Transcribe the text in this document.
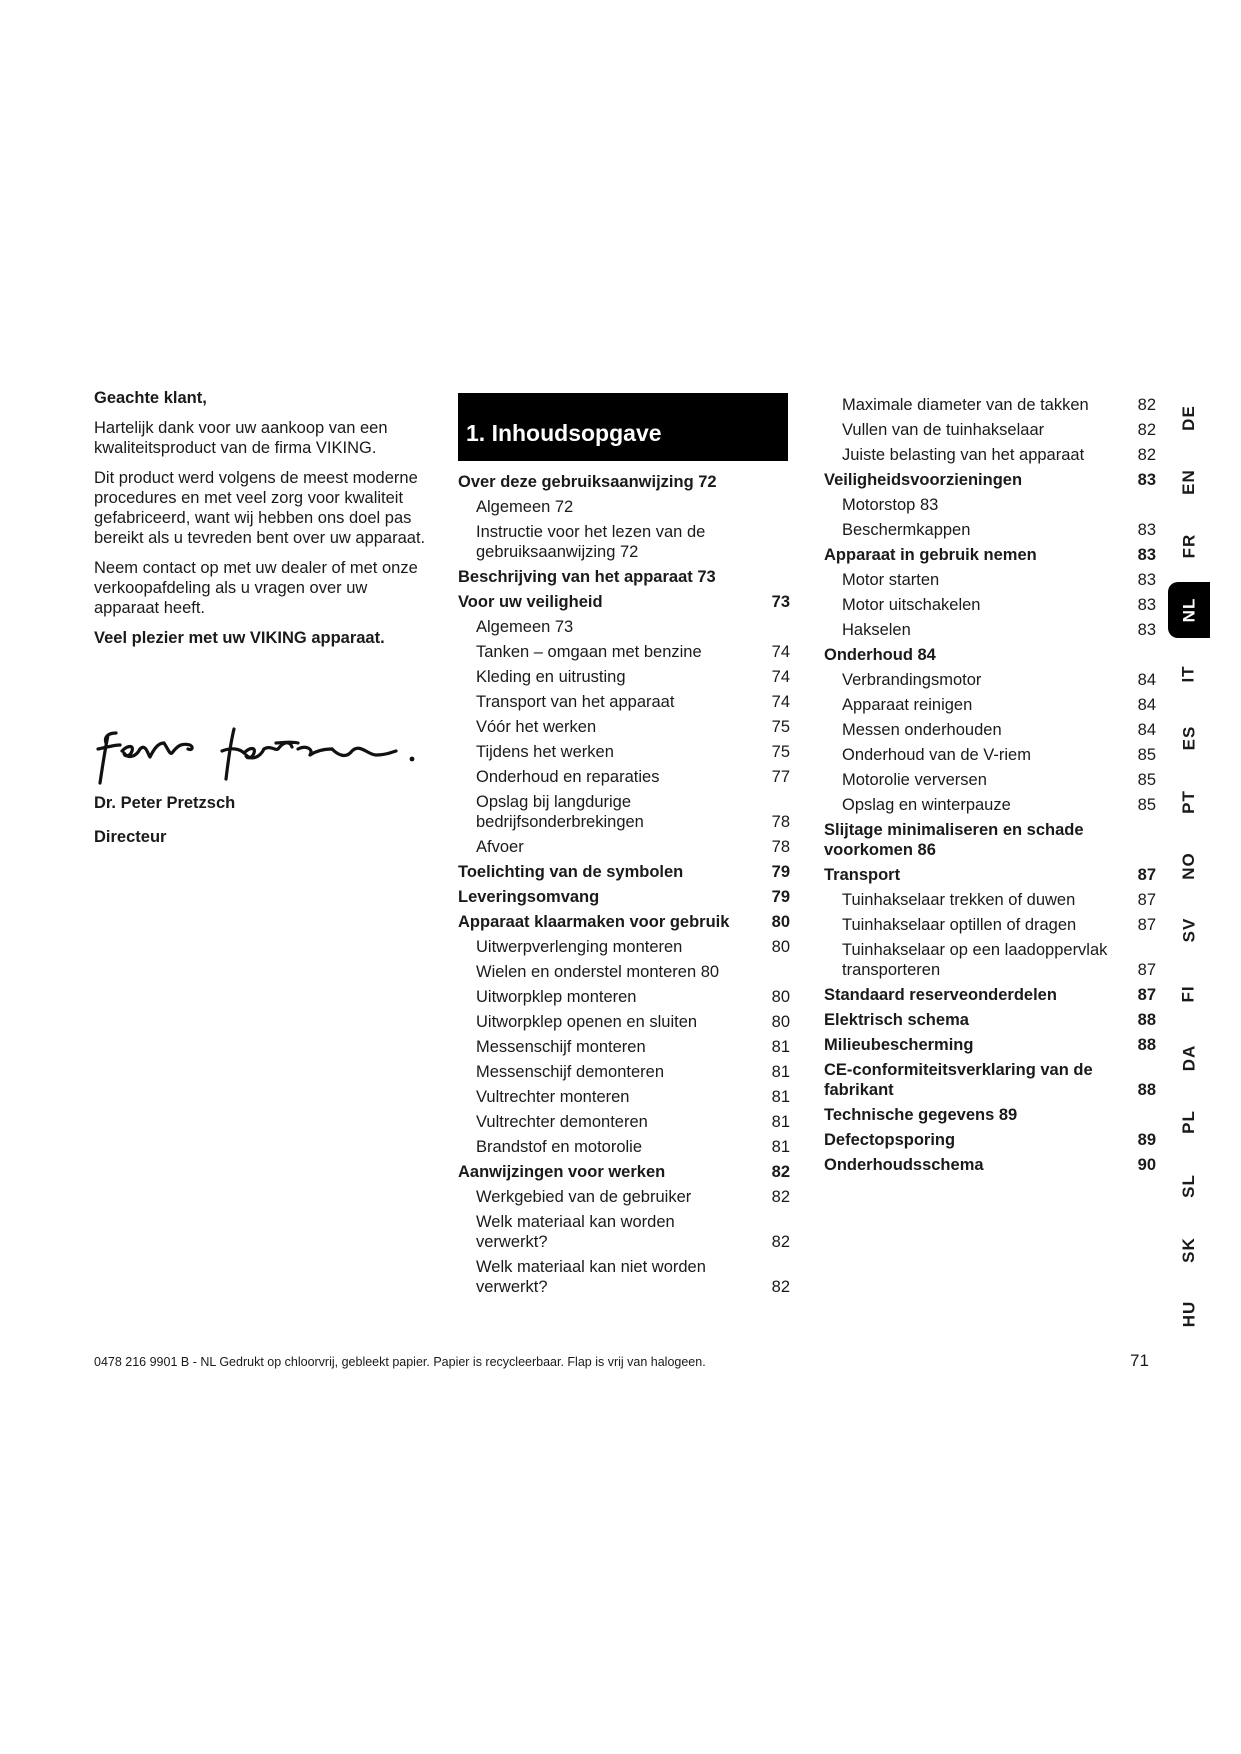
Geachte klant,

Hartelijk dank voor uw aankoop van een kwaliteitsproduct van de firma VIKING.

Dit product werd volgens de meest moderne procedures en met veel zorg voor kwaliteit gefabriceerd, want wij hebben ons doel pas bereikt als u tevreden bent over uw apparaat.

Neem contact op met uw dealer of met onze verkoopafdeling als u vragen over uw apparaat heeft.

Veel plezier met uw VIKING apparaat.

Dr. Peter Pretzsch
Directeur
1. Inhoudsopgave
Over deze gebruiksaanwijzing 72
Algemeen 72
Instructie voor het lezen van de gebruiksaanwijzing 72
Beschrijving van het apparaat 73
Voor uw veiligheid	73
Algemeen 73
Tanken – omgaan met benzine	74
Kleding en uitrusting	74
Transport van het apparaat	74
Vóór het werken	75
Tijdens het werken	75
Onderhoud en reparaties	77
Opslag bij langdurige bedrijfsonderbrekingen	78
Afvoer	78
Toelichting van de symbolen	79
Leveringsomvang	79
Apparaat klaarmaken voor gebruik	80
Uitwerpverlenging monteren	80
Wielen en onderstel monteren 80
Uitworpklep monteren	80
Uitworpklep openen en sluiten	80
Messenschijf monteren	81
Messenschijf demonteren	81
Vultrechter monteren	81
Vultrechter demonteren	81
Brandstof en motorolie	81
Aanwijzingen voor werken	82
Werkgebied van de gebruiker	82
Welk materiaal kan worden verwerkt?	82
Welk materiaal kan niet worden verwerkt?	82
Maximale diameter van de takken	82
Vullen van de tuinhakselaar	82
Juiste belasting van het apparaat	82
Veiligheidsvoorzieningen	83
Motorstop 83
Beschermkappen	83
Apparaat in gebruik nemen	83
Motor starten	83
Motor uitschakelen	83
Hakselen	83
Onderhoud 84
Verbrandingsmotor	84
Apparaat reinigen	84
Messen onderhouden	84
Onderhoud van de V-riem	85
Motorolie verversen	85
Opslag en winterpauze	85
Slijtage minimaliseren en schade voorkomen 86
Transport	87
Tuinhakselaar trekken of duwen	87
Tuinhakselaar optillen of dragen	87
Tuinhakselaar op een laadoppervlak transporteren	87
Standaard reserveonderdelen	87
Elektrisch schema	88
Milieubescherming	88
CE-conformiteitsverklaring van de fabrikant	88
Technische gegevens 89
Defectopsporing	89
Onderhoudsschema	90
DE
EN
FR
NL
IT
ES
PT
NO
SV
FI
DA
PL
SL
SK
HU
0478 216 9901 B - NL Gedrukt op chloorvrij, gebleekt papier. Papier is recycleerbaar. Flap is vrij van halogeen.	71
